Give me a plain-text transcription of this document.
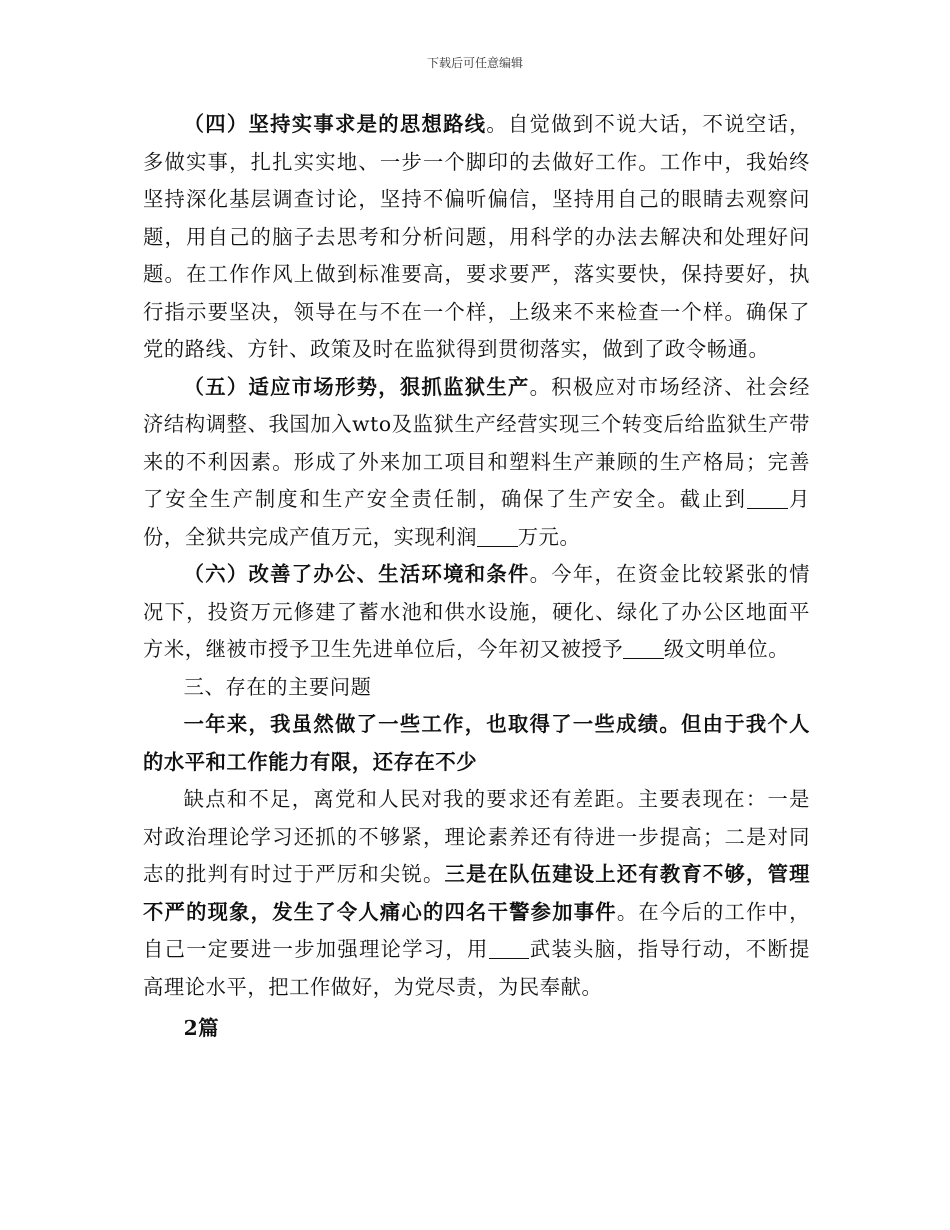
下载后可任意编辑

（四）坚持实事求是的思想路线。自觉做到不说大话，不说空话，多做实事，扎扎实实地、一步一个脚印的去做好工作。工作中，我始终坚持深化基层调查讨论，坚持不偏听偏信，坚持用自己的眼睛去观察问题，用自己的脑子去思考和分析问题，用科学的办法去解决和处理好问题。在工作作风上做到标准要高，要求要严，落实要快，保持要好，执行指示要坚决，领导在与不在一个样，上级来不来检查一个样。确保了党的路线、方针、政策及时在监狱得到贯彻落实，做到了政令畅通。

（五）适应市场形势，狠抓监狱生产。积极应对市场经济、社会经济结构调整、我国加入wto及监狱生产经营实现三个转变后给监狱生产带来的不利因素。形成了外来加工项目和塑料生产兼顾的生产格局；完善了安全生产制度和生产安全责任制，确保了生产安全。截止到 月份，全狱共完成产值万元，实现利润 万元。

（六）改善了办公、生活环境和条件。今年，在资金比较紧张的情况下，投资万元修建了蓄水池和供水设施，硬化、绿化了办公区地面平方米，继被市授予卫生先进单位后，今年初又被授予 级文明单位。

三、存在的主要问题

一年来，我虽然做了一些工作，也取得了一些成绩。但由于我个人的水平和工作能力有限，还存在不少

缺点和不足，离党和人民对我的要求还有差距。主要表现在：一是对政治理论学习还抓的不够紧，理论素养还有待进一步提高；二是对同志的批判有时过于严厉和尖锐。三是在队伍建设上还有教育不够，管理不严的现象，发生了令人痛心的四名干警参加事件。在今后的工作中，自己一定要进一步加强理论学习，用 武装头脑，指导行动，不断提高理论水平，把工作做好，为党尽责，为民奉献。

2篇
